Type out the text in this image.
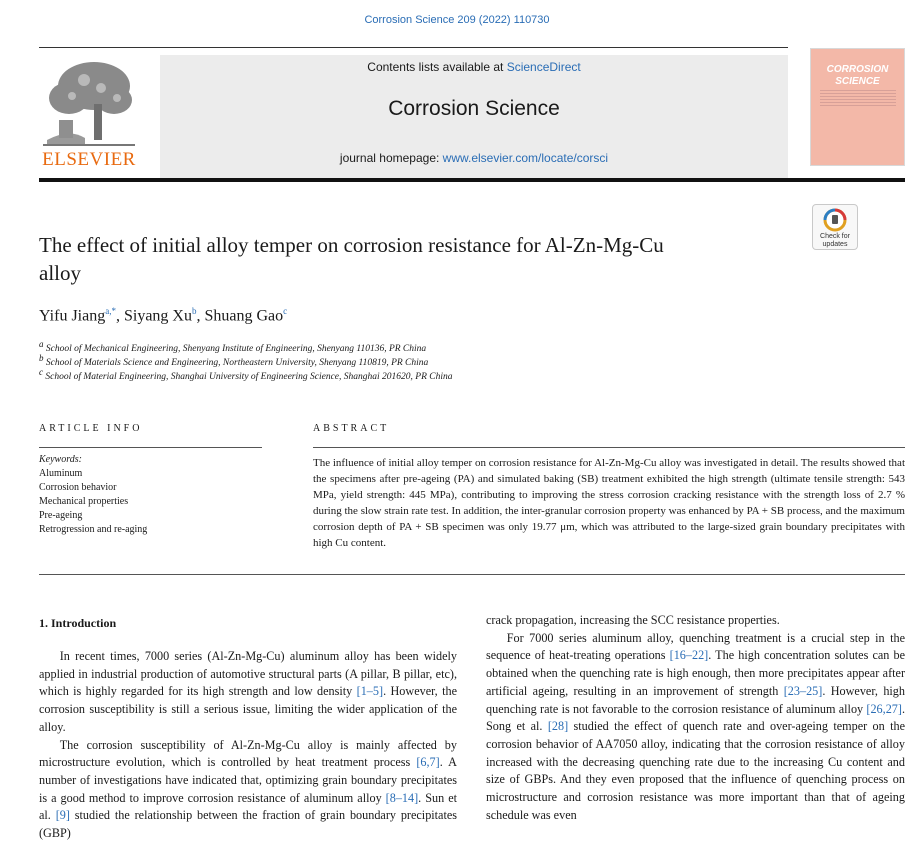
Corrosion Science 209 (2022) 110730
ELSEVIER
Contents lists available at ScienceDirect
Corrosion Science
journal homepage: www.elsevier.com/locate/corsci
CORROSION SCIENCE
Check for updates
The effect of initial alloy temper on corrosion resistance for Al-Zn-Mg-Cu alloy
Yifu Jiang$^{a,*}$, Siyang Xu$^b$, Shuang Gao$^c$
$^a$ School of Mechanical Engineering, Shenyang Institute of Engineering, Shenyang 110136, PR China
$^b$ School of Materials Science and Engineering, Northeastern University, Shenyang 110819, PR China
$^c$ School of Material Engineering, Shanghai University of Engineering Science, Shanghai 201620, PR China
ARTICLE INFO	ABSTRACT
Keywords:
Aluminum
Corrosion behavior
Mechanical properties
Pre-ageing
Retrogression and re-aging
The influence of initial alloy temper on corrosion resistance for Al-Zn-Mg-Cu alloy was investigated in detail. The results showed that the specimens after pre-ageing (PA) and simulated baking (SB) treatment exhibited the high strength (ultimate tensile strength: 543 MPa, yield strength: 445 MPa), contributing to improving the stress corrosion cracking resistance with the strength loss of 2.7 % during the slow strain rate test. In addition, the inter-granular corrosion property was enhanced by PA + SB process, and the maximum corrosion depth of PA + SB specimen was only 19.77 μm, which was attributed to the large-sized grain boundary precipitates with high Cu content.
1. Introduction

In recent times, 7000 series (Al-Zn-Mg-Cu) aluminum alloy has been widely applied in industrial production of automotive structural parts (A pillar, B pillar, etc), which is highly regarded for its high strength and low density [1–5]. However, the corrosion susceptibility is still a serious issue, limiting the wider application of the alloy.

The corrosion susceptibility of Al-Zn-Mg-Cu alloy is mainly affected by microstructure evolution, which is controlled by heat treatment process [6,7]. A number of investigations have indicated that, optimizing grain boundary precipitates is a good method to improve corrosion resistance of aluminum alloy [8–14]. Sun et al. [9] studied the relationship between the fraction of grain boundary precipitates (GBP)

crack propagation, increasing the SCC resistance properties.

For 7000 series aluminum alloy, quenching treatment is a crucial step in the sequence of heat-treating operations [16–22]. The high concentration solutes can be obtained when the quenching rate is high enough, then more precipitates appear after artificial ageing, resulting in an improvement of strength [23–25]. However, high quenching rate is not favorable to the corrosion resistance of aluminum alloy [26,27]. Song et al. [28] studied the effect of quench rate and over-ageing temper on the corrosion behavior of AA7050 alloy, indicating that the corrosion resistance of alloy increased with the decreasing quenching rate due to the increasing Cu content and size of GBPs. And they even proposed that the influence of quenching process on microstructure and corrosion resistance was more important than that of ageing schedule was even
